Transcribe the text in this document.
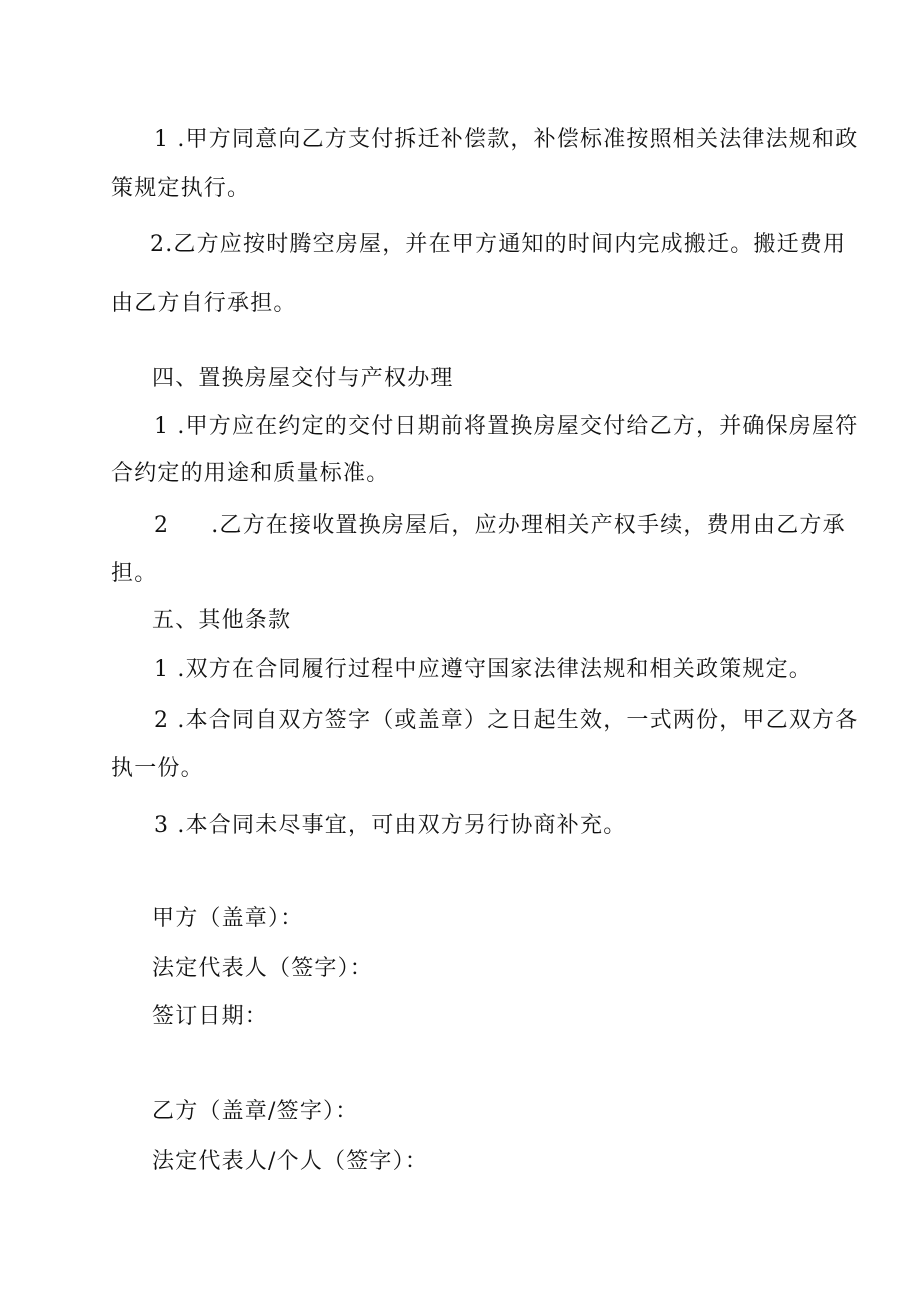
1 .甲方同意向乙方支付拆迁补偿款，补偿标准按照相关法律法规和政
策规定执行。
2.乙方应按时腾空房屋，并在甲方通知的时间内完成搬迁。搬迁费用
由乙方自行承担。
四、置换房屋交付与产权办理
1 .甲方应在约定的交付日期前将置换房屋交付给乙方，并确保房屋符
合约定的用途和质量标准。
2 .乙方在接收置换房屋后，应办理相关产权手续，费用由乙方承
担。
五、其他条款
1 .双方在合同履行过程中应遵守国家法律法规和相关政策规定。
2 .本合同自双方签字（或盖章）之日起生效，一式两份，甲乙双方各
执一份。
3 .本合同未尽事宜，可由双方另行协商补充。
甲方（盖章）：
法定代表人（签字）：
签订日期：
乙方（盖章/签字）：
法定代表人/个人（签字）：
